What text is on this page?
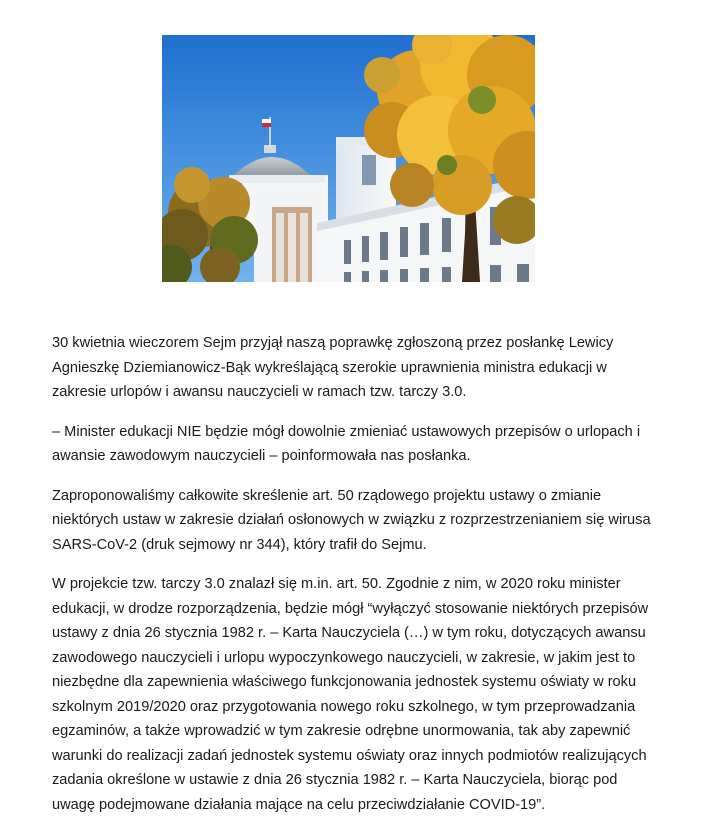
30 kwietnia wieczorem Sejm przyjął naszą poprawkę zgłoszoną przez posłankę Lewicy Agnieszkę Dziemianowicz-Bąk wykreślającą szerokie uprawnienia ministra edukacji w zakresie urlopów i awansu nauczycieli w ramach tzw. tarczy 3.0.

– Minister edukacji NIE będzie mógł dowolnie zmieniać ustawowych przepisów o urlopach i awansie zawodowym nauczycieli – poinformowała nas posłanka.

Zaproponowaliśmy całkowite skreślenie art. 50 rządowego projektu ustawy o zmianie niektórych ustaw w zakresie działań osłonowych w związku z rozprzestrzenianiem się wirusa SARS-CoV-2 (druk sejmowy nr 344), który trafił do Sejmu.

W projekcie tzw. tarczy 3.0 znalazł się m.in. art. 50. Zgodnie z nim, w 2020 roku minister edukacji, w drodze rozporządzenia, będzie mógł “wyłączyć stosowanie niektórych przepisów ustawy z dnia 26 stycznia 1982 r. – Karta Nauczyciela (…) w tym roku, dotyczących awansu zawodowego nauczycieli i urlopu wypoczynkowego nauczycieli, w zakresie, w jakim jest to niezbędne dla zapewnienia właściwego funkcjonowania jednostek systemu oświaty w roku szkolnym 2019/2020 oraz przygotowania nowego roku szkolnego, w tym przeprowadzania egzaminów, a także wprowadzić w tym zakresie odrębne unormowania, tak aby zapewnić warunki do realizacji zadań jednostek systemu oświaty oraz innych podmiotów realizujących zadania określone w ustawie z dnia 26 stycznia 1982 r. – Karta Nauczyciela, biorąc pod uwagę podejmowane działania mające na celu przeciwdziałanie COVID-19”.
